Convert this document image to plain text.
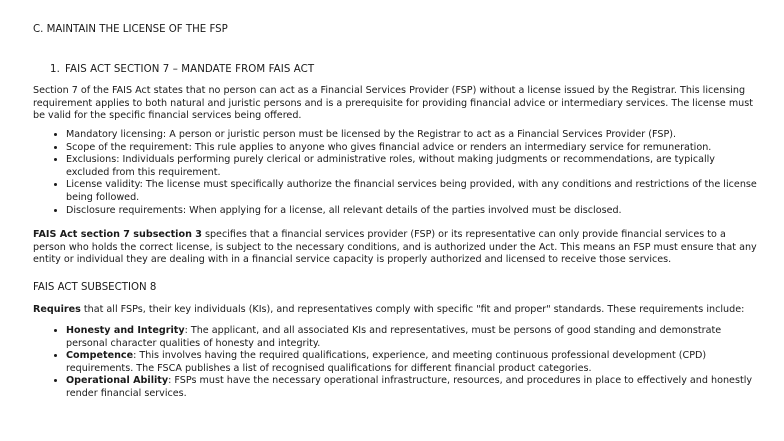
C. MAINTAIN THE LICENSE OF THE FSP
1. FAIS ACT SECTION 7 – MANDATE FROM FAIS ACT

Section 7 of the FAIS Act states that no person can act as a Financial Services Provider (FSP) without a license issued by the Registrar. This licensing requirement applies to both natural and juristic persons and is a prerequisite for providing financial advice or intermediary services. The license must be valid for the specific financial services being offered.

• Mandatory licensing: A person or juristic person must be licensed by the Registrar to act as a Financial Services Provider (FSP).
• Scope of the requirement: This rule applies to anyone who gives financial advice or renders an intermediary service for remuneration.
• Exclusions: Individuals performing purely clerical or administrative roles, without making judgments or recommendations, are typically excluded from this requirement.
• License validity: The license must specifically authorize the financial services being provided, with any conditions and restrictions of the license being followed.
• Disclosure requirements: When applying for a license, all relevant details of the parties involved must be disclosed.

FAIS Act section 7 subsection 3 specifies that a financial services provider (FSP) or its representative can only provide financial services to a person who holds the correct license, is subject to the necessary conditions, and is authorized under the Act. This means an FSP must ensure that any entity or individual they are dealing with in a financial service capacity is properly authorized and licensed to receive those services.

FAIS ACT SUBSECTION 8

Requires that all FSPs, their key individuals (KIs), and representatives comply with specific "fit and proper" standards. These requirements include:

• Honesty and Integrity: The applicant, and all associated KIs and representatives, must be persons of good standing and demonstrate personal character qualities of honesty and integrity.
• Competence: This involves having the required qualifications, experience, and meeting continuous professional development (CPD) requirements. The FSCA publishes a list of recognised qualifications for different financial product categories.
• Operational Ability: FSPs must have the necessary operational infrastructure, resources, and procedures in place to effectively and honestly render financial services.
